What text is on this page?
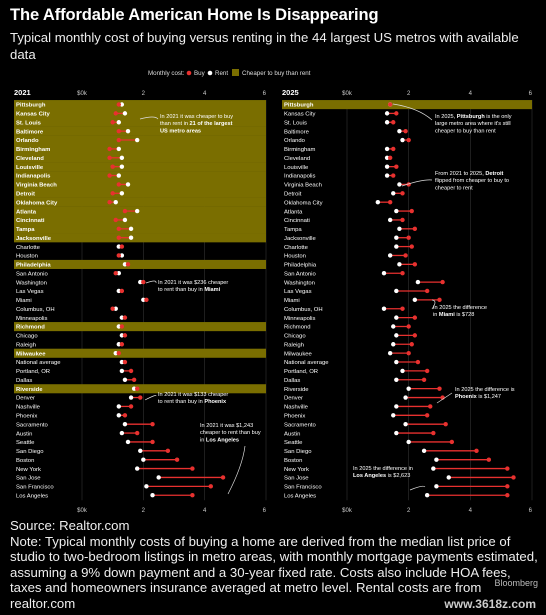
The Affordable American Home Is Disappearing
Typical monthly cost of buying versus renting in the 44 largest US metros with available data
Monthly cost: Buy Rent Cheaper to buy than rent
2021	$0k
$0k
2
2
4
4
6
6
Pittsburgh
Kansas City
St. Louis
Baltimore
Orlando
Birmingham
Cleveland
Louisville
Indianapolis
Virginia Beach
Detroit
Oklahoma City
Atlanta
Cincinnati
Tampa
Jacksonville
Charlotte
Houston
Philadelphia
San Antonio
Washington
Las Vegas
Miami
Columbus, OH
Minneapolis
Richmond
Chicago
Raleigh
Milwaukee
National average
Portland, OR
Dallas
Riverside
Denver
Nashville
Phoenix
Sacramento
Austin
Seattle
San Diego
Boston
New York
San Jose
San Francisco
Los Angeles
In 2021 it was cheaper to buy
than rent in 21 of the largest
US metro areas
In 2021 it was $236 cheaper
to rent than buy in Miami
In 2021 it was $133 cheaper
to rent than buy in Phoenix
In 2021 it was $1,243
cheaper to rent than buy
in Los Angeles
2025	$0k
$0k
2
2
4
4
6
6
Pittsburgh
Kansas City
St. Louis
Baltimore
Orlando
Birmingham
Cleveland
Louisville
Indianapolis
Virginia Beach
Detroit
Oklahoma City
Atlanta
Cincinnati
Tampa
Jacksonville
Charlotte
Houston
Philadelphia
San Antonio
Washington
Las Vegas
Miami
Columbus, OH
Minneapolis
Richmond
Chicago
Raleigh
Milwaukee
National average
Portland, OR
Dallas
Riverside
Denver
Nashville
Phoenix
Sacramento
Austin
Seattle
San Diego
Boston
New York
San Jose
San Francisco
Los Angeles
In 2025, Pittsburgh is the only
large metro area where it's still
cheaper to buy than rent
From 2021 to 2025, Detroit
flipped from cheaper to buy to
cheaper to rent
In 2025 the difference
in Miami is $728
In 2025 the difference is
Phoenix is $1,247
In 2025 the difference in
Los Angeles is $2,623
Source: Realtor.com
Note: Typical monthly costs of buying a home are derived from the median list price of studio to two-bedroom listings in metro areas, with monthly mortgage payments estimated, assuming a 9% down payment and a 30-year fixed rate. Costs also include HOA fees, taxes and homeowners insurance averaged at metro level. Rental costs are from realtor.com
Bloomberg
www.3618z.com
